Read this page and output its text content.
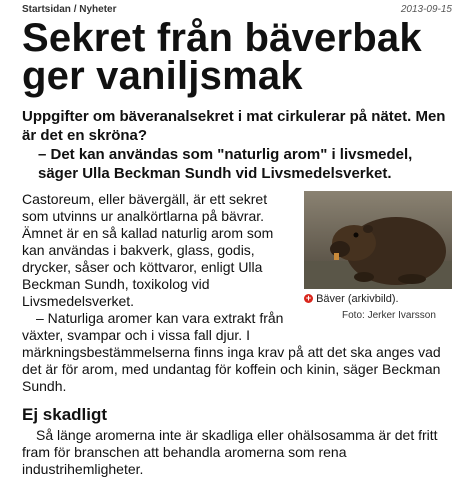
Startsidan / Nyheter	2013-09-15
Sekret från bäverbak ger vaniljsmak
Uppgifter om bäveranalsekret i mat cirkulerar på nätet. Men är det en skröna?
– Det kan användas som "naturlig arom" i livsmedel, säger Ulla Beckman Sundh vid Livsmedelsverket.
+ Bäver (arkivbild).
Foto: Jerker Ivarsson

Castoreum, eller bävergäll, är ett sekret som utvinns ur analkörtlarna på bävrar. Ämnet är en så kallad naturlig arom som kan användas i bakverk, glass, godis, drycker, såser och köttvaror, enligt Ulla Beckman Sundh, toxikolog vid Livsmedelsverket.

– Naturliga aromer kan vara extrakt från växter, svampar och i vissa fall djur. I

märkningsbestämmelserna finns inga krav på att det ska anges vad det är för arom, med undantag för koffein och kinin, säger Beckman Sundh.

Ej skadligt

Så länge aromerna inte är skadliga eller ohälsosamma är det fritt fram för branschen att behandla aromerna som rena industrihemligheter.
